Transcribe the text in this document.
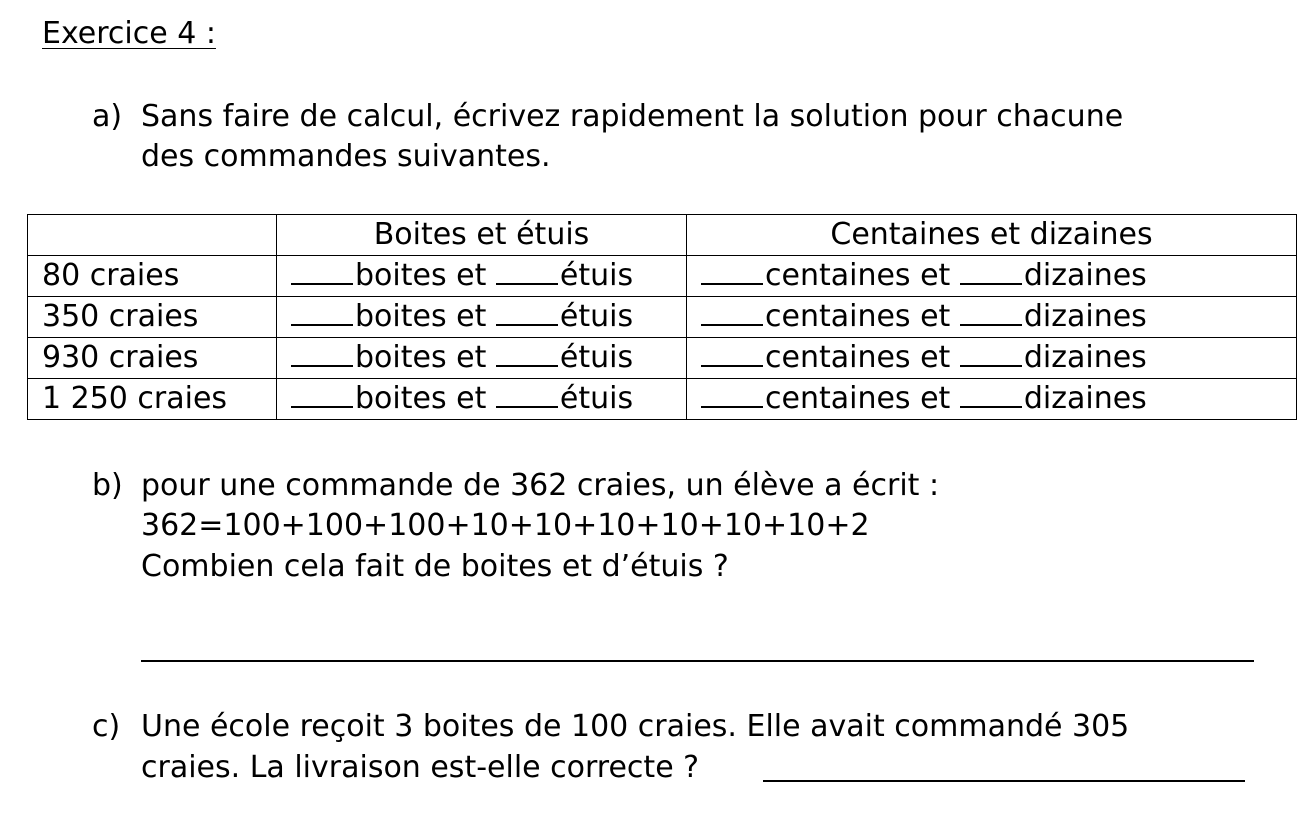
Exercice 4 :
a) Sans faire de calcul, écrivez rapidement la solution pour chacune
des commandes suivantes.
	Boites et étuis	Centaines et dizaines
80 craies	boites et étuis	centaines et dizaines
350 craies	boites et étuis	centaines et dizaines
930 craies	boites et étuis	centaines et dizaines
1 250 craies	boites et étuis	centaines et dizaines
b) pour une commande de 362 craies, un élève a écrit :
362=100+100+100+10+10+10+10+10+10+2
Combien cela fait de boites et d’étuis ?
c) Une école reçoit 3 boites de 100 craies. Elle avait commandé 305
craies. La livraison est-elle correcte ?
